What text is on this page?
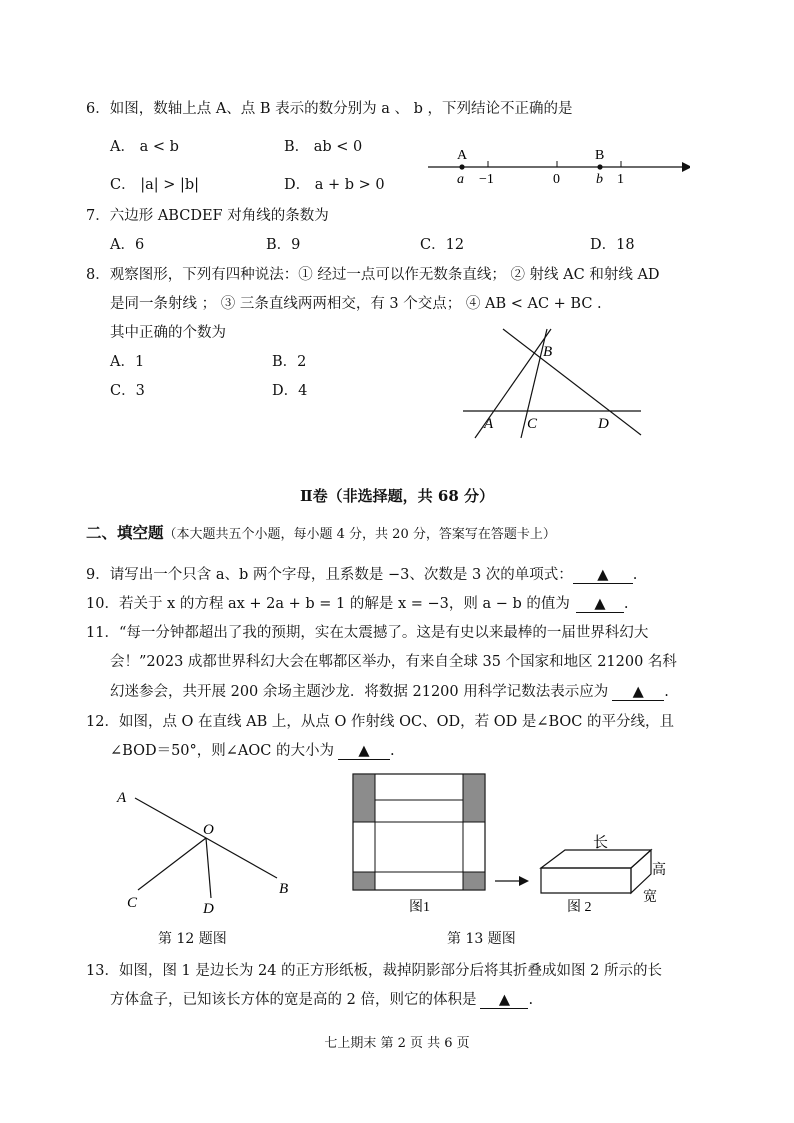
6．如图，数轴上点 A、点 B 表示的数分别为 a 、 b ，下列结论不正确的是
A． a < b	B． ab < 0
C． |a| > |b|	D． a + b > 0
A	B
a −1	0	b 1
7．六边形 ABCDEF 对角线的条数为
A．6	B．9	C．12	D．18
8．观察图形，下列有四种说法：① 经过一点可以作无数条直线； ② 射线 AC 和射线 AD
是同一条射线 ； ③ 三条直线两两相交，有 3 个交点； ④ AB < AC + BC .
其中正确的个数为
A．1	B．2
C．3	D．4
B
A C	D
Ⅱ卷（非选择题，共 68 分）
二、填空题（本大题共五个小题，每小题 4 分，共 20 分，答案写在答题卡上）
9．请写出一个只含 a、b 两个字母，且系数是 −3、次数是 3 次的单项式： ▲ .
10．若关于 x 的方程 ax + 2a + b = 1 的解是 x = −3，则 a − b 的值为 ▲ .
11．“每一分钟都超出了我的预期，实在太震撼了。这是有史以来最棒的一届世界科幻大
会！”2023 成都世界科幻大会在郫都区举办，有来自全球 35 个国家和地区 21200 名科
幻迷参会，共开展 200 余场主题沙龙．将数据 21200 用科学记数法表示应为 ▲ .
12．如图，点 O 在直线 AB 上，从点 O 作射线 OC、OD，若 OD 是∠BOC 的平分线，且
∠BOD＝50°，则∠AOC 的大小为 ▲ .
A
O
B
C	D
第 12 题图
图1
长
高
宽
图 2
第 13 题图
13．如图，图 1 是边长为 24 的正方形纸板，裁掉阴影部分后将其折叠成如图 2 所示的长
方体盒子，已知该长方体的宽是高的 2 倍，则它的体积是 ▲ .
七上期末 第 2 页 共 6 页
